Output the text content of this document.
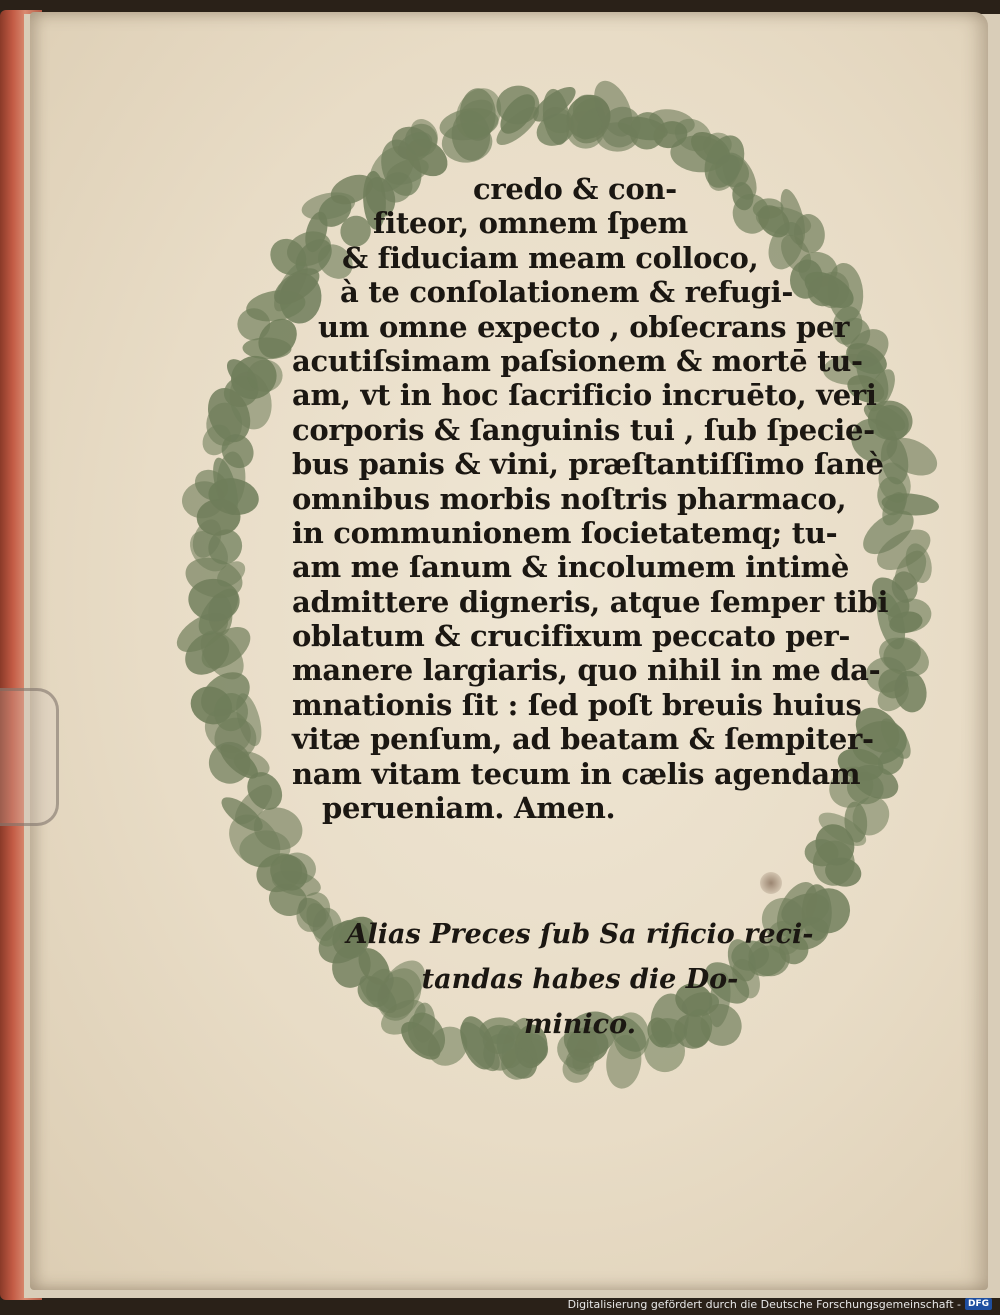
credo & con-
fiteor, omnem ſpem
& fiduciam meam colloco,
à te conſolationem & refugi-
um omne expecto , obſecrans per
acutiſsimam paſsionem & mortē tu-
am, vt in hoc ſacrificio incruēto, veri
corporis & ſanguinis tui , ſub ſpecie-
bus panis & vini, præſtantiſſimo ſanè
omnibus morbis noſtris pharmaco,
in communionem ſocietatemq; tu-
am me ſanum & incolumem intimè
admittere digneris, atque ſemper tibi
oblatum & crucifixum peccato per-
manere largiaris, quo nihil in me da-
mnationis ſit : ſed poſt breuis huius
vitæ penſum, ad beatam & ſempiter-
nam vitam tecum in cælis agendam
perueniam. Amen.
Alias Preces ſub Sa rificio reci-
tandas habes die Do-
minico.
Digitalisierung gefördert durch die Deutsche Forschungsgemeinschaft - DFG
